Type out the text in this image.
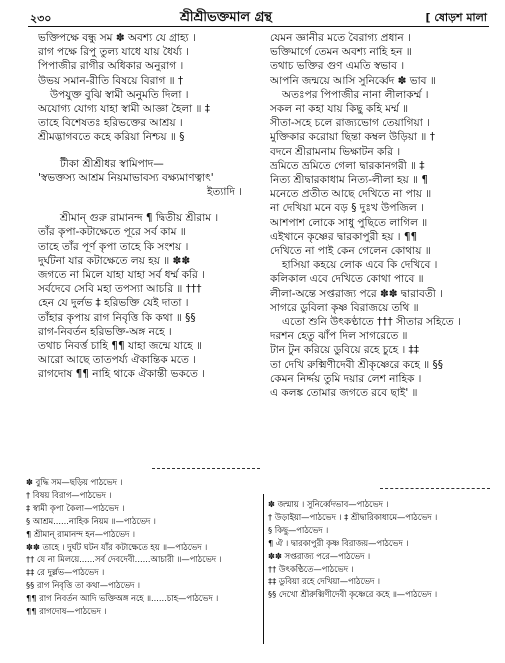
২৩০	শ্রীশ্রীভক্তমাল গ্রন্থ	[ ষোড়শ মালা
ভক্তিপক্ষে বন্ধু সম ✽ অবশ্য যে গ্রাহ্য ।
রাগ পক্ষে রিপু তুল্য যাধে যায় ধৈর্য্য ।
পিপাজীর রাগীর অধিকার অনুরাগ ।
উভয় সমান-রীতি বিষয়ে বিরাগ ॥ †
উপযুক্ত বুঝি স্বামী অনুমতি দিলা ।
অযোগ্য যোগ্য যাহা স্বামী আজ্ঞা হৈলা ॥ ‡
তাহে বিশেষতঃ হরিভক্তের আশ্রয় ।
শ্রীমদ্ভাগবতে কহে করিয়া নিশ্চয় ॥ §
টীকা শ্রীশ্রীধর স্বামিপাদ—
'স্বভক্তস্য আশ্রম নিয়মাভাবস্য বক্ষ্যমাণত্বাৎ'
ইত্যাদি ।
শ্রীমান্ গুরু রামানন্দ ¶ দ্বিতীয় শ্রীরাম ।
তাঁর কৃপা-কটাক্ষেতে পূরে সর্ব কাম ॥
তাহে তাঁর পূর্ণ কৃপা তাহে কি সংশয় ।
দুর্ঘটনা যার কটাক্ষেতে লয় হয় ॥ ✽✽
জগতে না মিলে যাহা যাহা সর্ব ধর্ম্ম করি ।
সর্বদেবে সেবি মহা তপস্যা আচরি ॥ †††
হেন যে দুর্লভ ‡ হরিভক্তি যেই দাতা ।
তাঁহার কৃপায় রাগ নিবৃত্তি কি কথা ॥ §§
রাগ-নিবর্তন হরিভক্তি-অঙ্গ নহে ।
তথাচ নিবর্ত্ত চাহি ¶¶ যাহা জন্মে যাহে ॥
আরো আছে তাতপর্য্য ঐকান্তিক মতে ।
রাগদোষ ¶¶ নাহি থাকে ঐকান্তী ভকতে ।
যেমন জ্ঞানীর মতে বৈরাগ্য প্রধান ।
ভক্তিমার্গে তেমন অবশ্য নাহি হন ॥
তথাচ ভক্তির গুণ এমতি স্বভাব ।
আপনি জন্ময়ে আসি সুনির্ব্বেদ ✽ ভাব ॥
অতঃপর পিপাজীর নানা লীলাকর্ম্ম ।
সকল না কহা যায় কিছু কহি মর্ম্ম ॥
সীতা-সহে চলে রাজ্যভোগ তেয়াগিয়া ।
মুক্তিকার করোয়া ছিন্তা কম্বল উড়িয়া ॥ †
বদনে শ্রীরামনাম ভিক্ষাটন করি ।
ভ্রমিতে ভ্রমিতে গেলা দ্বারকানগরী ॥ ‡
নিত্য শ্রীদ্বারকাধাম নিত্য-লীলা হয় ॥ ¶
মনেতে প্রতীত আছে দেখিতে না পায় ॥
না দেখিয়া মনে বড় § দুঃখ উপজিল ।
আশপাশ লোকে সাধু পুছিতে লাগিল ॥
এইখানে কৃষ্ণের দ্বারকাপুরী হয় । ¶¶
দেখিতে না পাই কেন গেলেন কোথায় ॥
হাসিয়া কহয়ে লোক এবে কি দেখিবে ।
কলিকাল এবে দেখিতে কোথা পাবে ॥
লীলা-অন্তে সপ্তরাজ্য পরে ✽✽ দ্বারাবতী ।
সাগরে ডুবিলা কৃষ্ণ বিরাজয়ে তথি ॥
এতো শুনি উৎকণ্ঠাতে ††† সীতার সহিতে ।
দরশন হেতু ঝাঁপ দিল সাগরেতে ॥
টান টুন করিয়ে ডুবিয়ে রহে চুহে । ‡‡
তা দেখি রুক্মিণীদেবী শ্রীকৃষ্ণেরে কহে ॥ §§
কেমন নির্দ্দয় তুমি দয়ার লেশ নাহিক ।
এ কলঙ্ক তোমার জগতে রবে ছাই' ॥
✽ বুদ্ধি সম—ছড়িয় পাঠভেদ ।
† বিষয় বিরাগ—পাঠভেদ ।
‡ স্বামী কৃপা কৈলা—পাঠভেদ ।
§ আশ্রম......নাহিক নিয়ম ॥—পাঠভেদ ।
¶ শ্রীমান্ রামানন্দ হন—পাঠভেদ ।
✽✽ তাহে । দুর্ঘট ঘটন যাঁর কটাক্ষেতে হয় ॥—পাঠভেদ ।
†† যে না মিলয়ে......সর্ব দেবদেবী......আচারী ॥—পাঠভেদ ।
‡‡ রে দুর্ল্লভ—পাঠভেদ ।
§§ রাগ নিবৃত্তি তা কথা—পাঠভেদ ।
¶¶ রাগ নিবর্তন আদি ভক্তিঅঙ্গ নহে ॥......চাহ—পাঠভেদ ।
¶¶ রাগদোষ—পাঠভেদ ।
✽ জন্মায় । সুনির্ব্বেদভাব—পাঠভেদ ।
† উড়াইয়া—পাঠভেদ । ‡ শ্রীদ্বারিকাধামে—পাঠভেদ ।
§ কিছু—পাঠভেদ ।
¶ ঐ । দ্বারকাপুরী কৃষ্ণ বিরাজয়—পাঠভেদ ।
✽✽ সপ্তরাজ্য পরে—পাঠভেদ ।
†† উৎকণ্ঠিতে—পাঠভেদ ।
‡‡ ডুবিয়া রহে দেখিয়া—পাঠভেদ ।
§§ দেখো শ্রীরুক্মিণীদেবী কৃষ্ণেরে কহে ॥—পাঠভেদ ।
